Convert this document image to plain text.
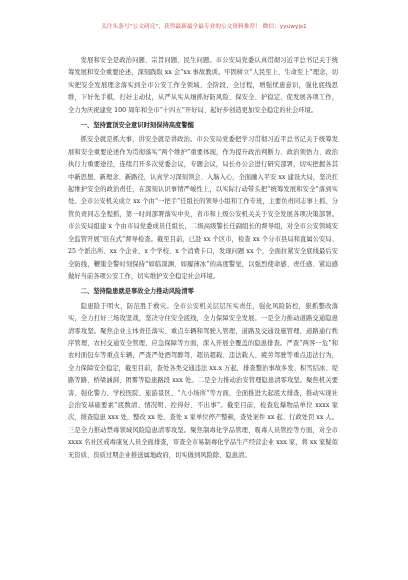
关注头条号“公文研究”，获得最新最全最专业的公文资料推荐！ 微信：yyuwyjs1

发展和安全是政治问题、宗旨问题、民生问题。市公安局党委认真贯彻习近平总书记关于统筹发展和安全重要论述，深刻践取 xx 会“xx 事故教训。牢固树立“人民至上、生命至上”理念，切实把安全发展理念落实到全市公安工作全领域、全阶段、全过程，增强忧患意识，强化底线思维，下好先手棋，打好主动仗，从严从实从细抓好防风险、保安全、护稳定、促发展各项工作，全力为庆祝建党 100 周年和全市“十四五”开好局、起好步创造更加安全稳定的社会环境。

一、坚持置顶安全意识时刻保持高度警醒

抓安全就是抓大事，讲安全就是讲政治。市公安局党委把学习贯彻习近平总书记关于统筹发展和安全重要论述作为贯彻落实“两个维护”重要体现，作为提升政治判断力、政治领悟力、政治执行力重要途径，连续召开多次党委会议，专题会议，局长办公会进行研究部署，切实把握各其中新思想、新理念、新路径，认真学习深刻领会、入脑入心，全面融入平安 xx 建设大局，坚决扛起维护安全的政治责任，在深刻认识事情严峻性上，以实际行动带头把“统筹发展和安全”落到实处。全市公安机关成立 xx 个由“一把手”任组长的领导小组和工作专班，主要负责同志事上抓、分管负责同志全程抓，第一时间部署落实中央，省市和上级公安机关关于安全发展各项决策部署。市公安局组建 x 个由市局党委成员任组长，二级高级警长任副组长的督导组，对全市公安领域安全监管开展“驻在式”督导检查。截至目前，已赴 xx 个区市，检查 xx 个分市县局和直属公安局、25 个派出所、xx 个企业、x 个学校、x 个消费卡口，发现问题 xx 个，全面拉紧安全底线最后安全防线，鞭策全警时刻保持“如临深渊、如履薄冰”的高度警觉，以强烈使命感、责任感、紧迫感做好当前各项公安工作，切实维护安全稳定社会环境。

二、坚持隐患就是事故全力推动风险清零

隐患险于明火，防范胜于救灾。全市公安机关层层压实责任，强化风险防控，狠抓整改落实，全力打好三场攻坚战，坚决守住安全底线，全力保障安全发展。一是全力推动道路交通隐患清零攻坚。聚焦企业主体责任落实、重点车辆和驾驶人管理、道路及交通设施管理、道路通行秩序管理、农村交通安全管理、应急保障等方面，深入开展全覆盖的隐患排查。严查“两客一危”和农村面包车等重点车辆，严查严处酒驾醉驾、超员超载、违法载人、疲劳驾驶等重点违法行为，全力保障安全稳定，截至目前，查处各类交通违法 xx.x 万起，排查整治事故多发、积雪结冰、堤路等路、桥梁涵洞、团雾等隐患路段 xxx 处。二是全力推动治安管理隐患清零攻坚。聚焦机关要害、强化警力、学校医院、旅游景区、“九小场所”等方面，全面推进大起底大排查，推动实现社会治安基础要素“底数清、情况明、控得好、不出事”。截至目前，检查危爆物品单位 xxxx 家次，排查隐患 xxx 处，整改 xx 处，查处 x 家单位停产整顿，查处案件 xx 起、行政处罚 xx 人。三是全力推动禁毒领域风险隐患清零攻坚。聚焦制毒化学品管理、吸毒人员管控等方面，对全市 xxxx 名社区戒毒康复人员全面排查，审查全市易制毒化学品生产经营企业 xxx 家，将 xx 家疑似无资质、资质过期企业推送属地政府，切实做到风险除、隐患清。
